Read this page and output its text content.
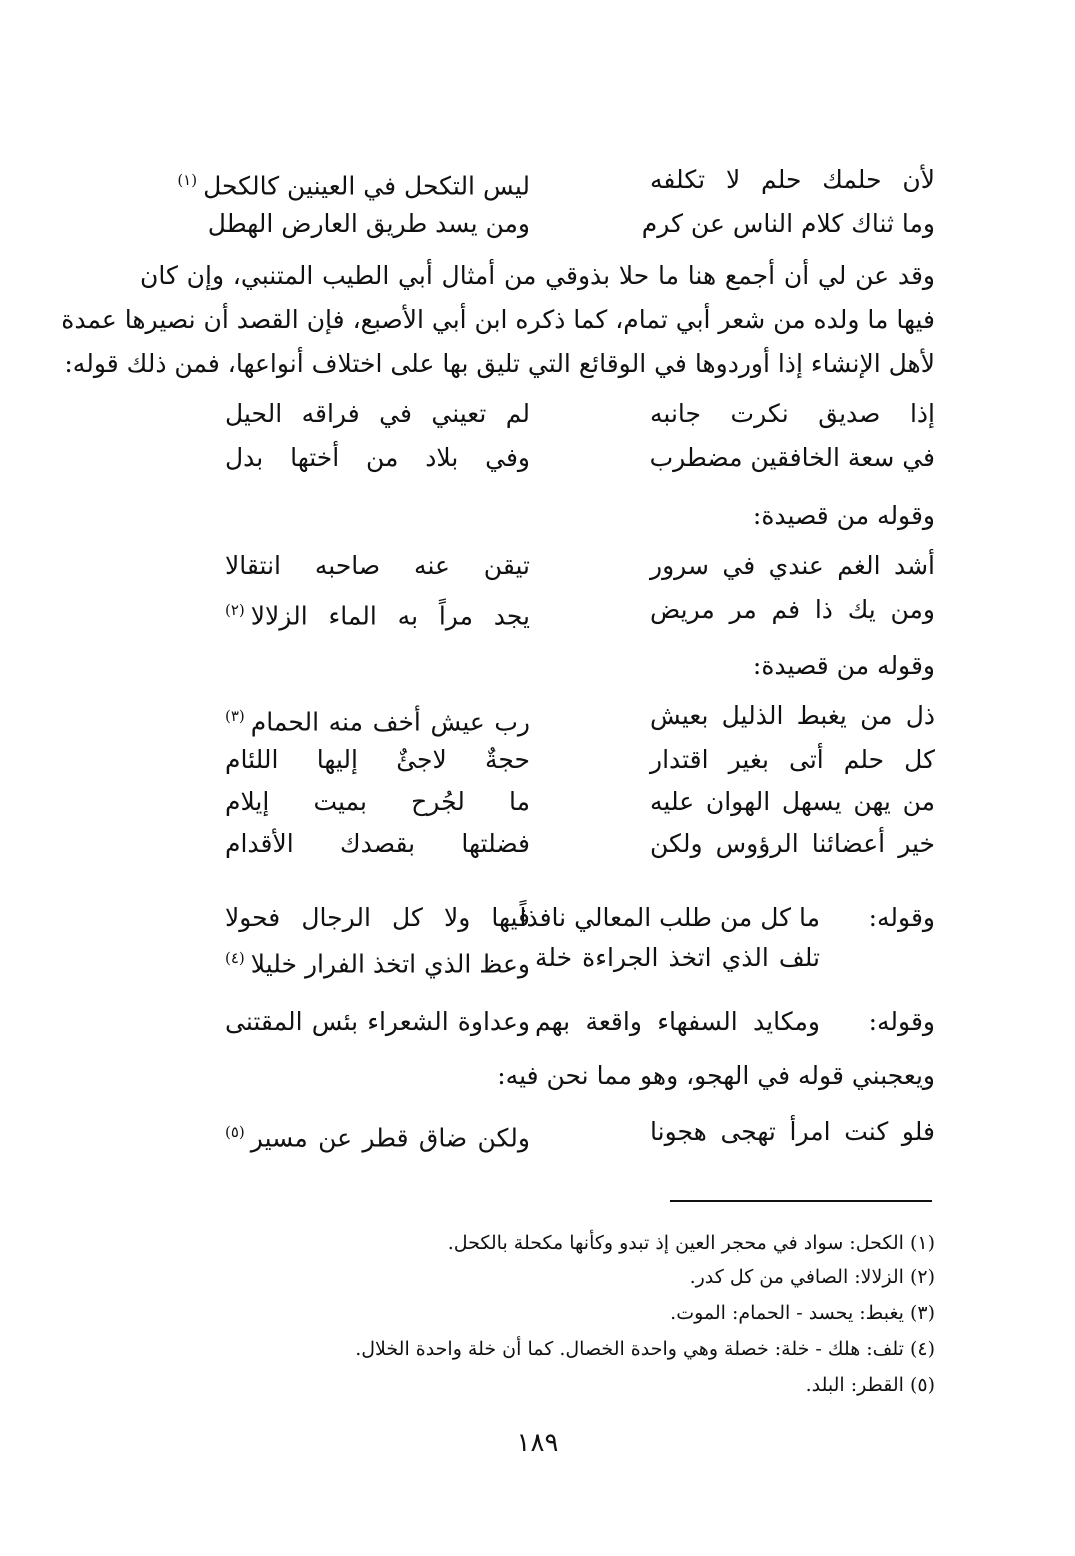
لأن حلمك حلم لا تكلفه
ليس التكحل في العينين كالكحل$^{(١)}$
وما ثناك كلام الناس عن كرم
ومن يسد طريق العارض الهطل
وقد عن لي أن أجمع هنا ما حلا بذوقي من أمثال أبي الطيب المتنبي، وإن كان
فيها ما ولده من شعر أبي تمام، كما ذكره ابن أبي الأصبع، فإن القصد أن نصيرها عمدة
لأهل الإنشاء إذا أوردوها في الوقائع التي تليق بها على اختلاف أنواعها، فمن ذلك قوله:
إذا صديق نكرت جانبه
لم تعيني في فراقه الحيل
في سعة الخافقين مضطرب
وفي بلاد من أختها بدل
وقوله من قصيدة:
أشد الغم عندي في سرور
تيقن عنه صاحبه انتقالا
ومن يك ذا فم مر مريض
يجد مراً به الماء الزلالا$^{(٢)}$
وقوله من قصيدة:
ذل من يغبط الذليل بعيش
رب عيش أخف منه الحمام$^{(٣)}$
كل حلم أتى بغير اقتدار
حجةٌ لاجئٌ إليها اللئام
من يهن يسهل الهوان عليه
ما لجُرح بميت إيلام
خير أعضائنا الرؤوس ولكن
فضلتها بقصدك الأقدام
وقوله:
ما كل من طلب المعالي نافذاً
فيها ولا كل الرجال فحولا
تلف الذي اتخذ الجراءة خلة
وعظ الذي اتخذ الفرار خليلا$^{(٤)}$
وقوله:
ومكايد السفهاء واقعة بهم
وعداوة الشعراء بئس المقتنى
ويعجبني قوله في الهجو، وهو مما نحن فيه:
فلو كنت امرأ تهجى هجونا
ولكن ضاق قطر عن مسير$^{(٥)}$
(١) الكحل: سواد في محجر العين إذ تبدو وكأنها مكحلة بالكحل.
(٢) الزلالا: الصافي من كل كدر.
(٣) يغبط: يحسد - الحمام: الموت.
(٤) تلف: هلك - خلة: خصلة وهي واحدة الخصال. كما أن خلة واحدة الخلال.
(٥) القطر: البلد.
١٨٩
